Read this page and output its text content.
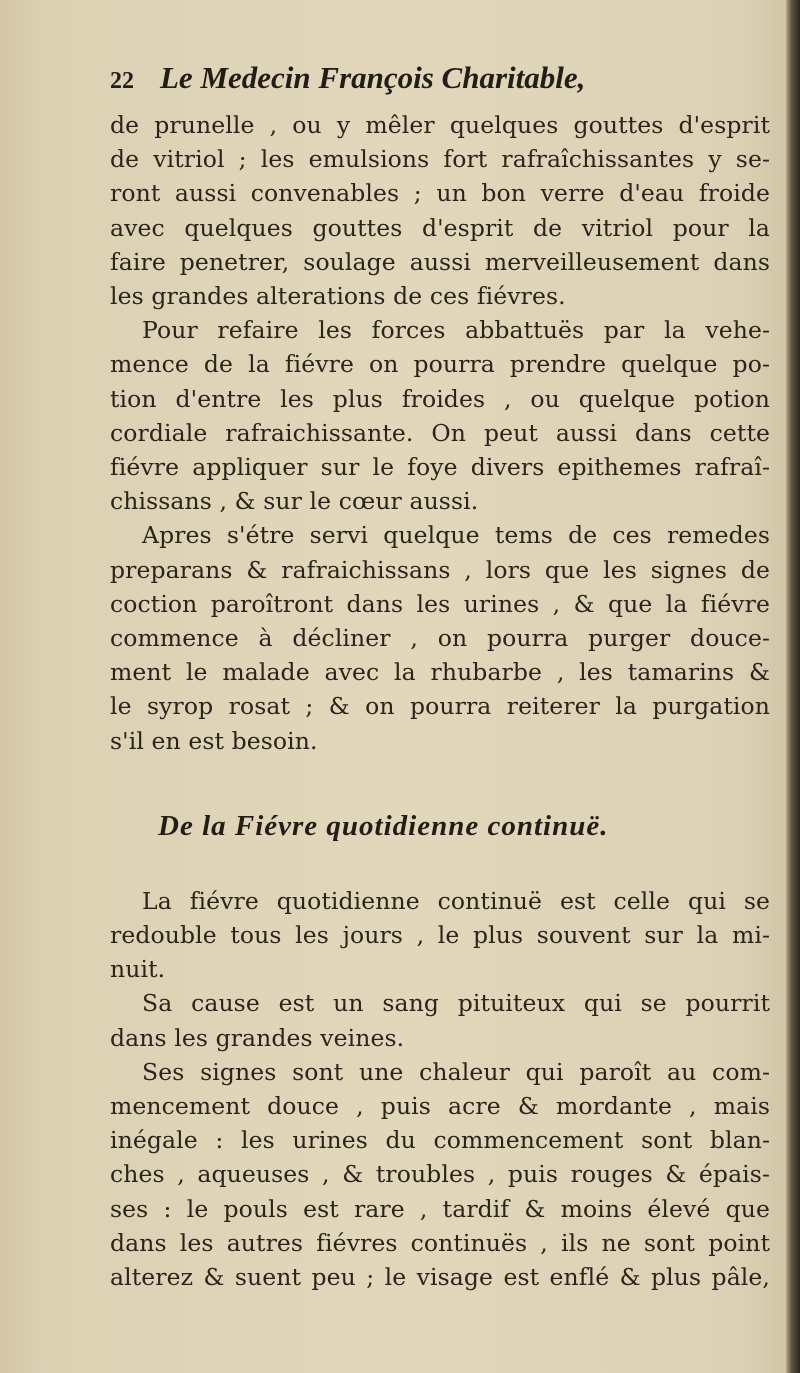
22 Le Medecin François Charitable,
de prunelle , ou y mêler quelques gouttes d'esprit
de vitriol ; les emulsions fort rafraîchissantes y se-
ront aussi convenables ; un bon verre d'eau froide
avec quelques gouttes d'esprit de vitriol pour la
faire penetrer, soulage aussi merveilleusement dans
les grandes alterations de ces fiévres.
Pour refaire les forces abbattuës par la vehe-
mence de la fiévre on pourra prendre quelque po-
tion d'entre les plus froides , ou quelque potion
cordiale rafraichissante. On peut aussi dans cette
fiévre appliquer sur le foye divers epithemes rafraî-
chissans , & sur le cœur aussi.
Apres s'étre servi quelque tems de ces remedes
preparans & rafraichissans , lors que les signes de
coction paroîtront dans les urines , & que la fiévre
commence à décliner , on pourra purger douce-
ment le malade avec la rhubarbe , les tamarins &
le syrop rosat ; & on pourra reiterer la purgation
s'il en est besoin.
De la Fiévre quotidienne continuë.
La fiévre quotidienne continuë est celle qui se
redouble tous les jours , le plus souvent sur la mi-
nuit.
Sa cause est un sang pituiteux qui se pourrit
dans les grandes veines.
Ses signes sont une chaleur qui paroît au com-
mencement douce , puis acre & mordante , mais
inégale : les urines du commencement sont blan-
ches , aqueuses , & troubles , puis rouges & épais-
ses : le pouls est rare , tardif & moins élevé que
dans les autres fiévres continuës , ils ne sont point
alterez & suent peu ; le visage est enflé & plus pâle,
